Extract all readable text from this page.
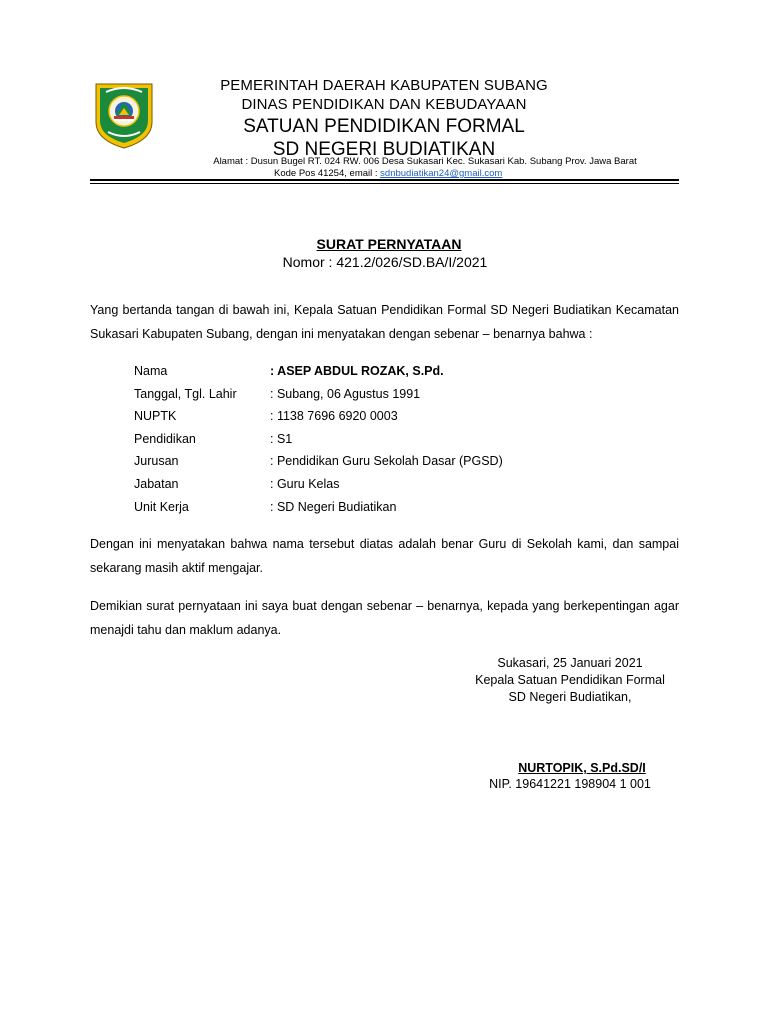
PEMERINTAH DAERAH KABUPATEN SUBANG
DINAS PENDIDIKAN DAN KEBUDAYAAN
SATUAN PENDIDIKAN FORMAL
SD NEGERI BUDIATIKAN
Alamat : Dusun Bugel RT. 024 RW. 006 Desa Sukasari Kec. Sukasari Kab. Subang Prov. Jawa Barat
Kode Pos 41254, email : sdnbudiatikan24@gmail.com
SURAT PERNYATAAN
Nomor : 421.2/026/SD.BA/I/2021
Yang bertanda tangan di bawah ini, Kepala Satuan Pendidikan Formal SD Negeri Budiatikan Kecamatan Sukasari Kabupaten Subang, dengan ini menyatakan dengan sebenar – benarnya bahwa :
Nama	: ASEP ABDUL ROZAK, S.Pd.
Tanggal, Tgl. Lahir	: Subang, 06 Agustus 1991
NUPTK	: 1138 7696 6920 0003
Pendidikan	: S1
Jurusan	: Pendidikan Guru Sekolah Dasar (PGSD)
Jabatan	: Guru Kelas
Unit Kerja	: SD Negeri Budiatikan
Dengan ini menyatakan bahwa nama tersebut diatas adalah benar Guru di Sekolah kami, dan sampai sekarang masih aktif mengajar.
Demikian surat pernyataan ini saya buat dengan sebenar – benarnya, kepada yang berkepentingan agar menajdi tahu dan maklum adanya.
Sukasari, 25 Januari 2021
Kepala Satuan Pendidikan Formal
SD Negeri Budiatikan,
NURTOPIK, S.Pd.SD/I
NIP. 19641221 198904 1 001
